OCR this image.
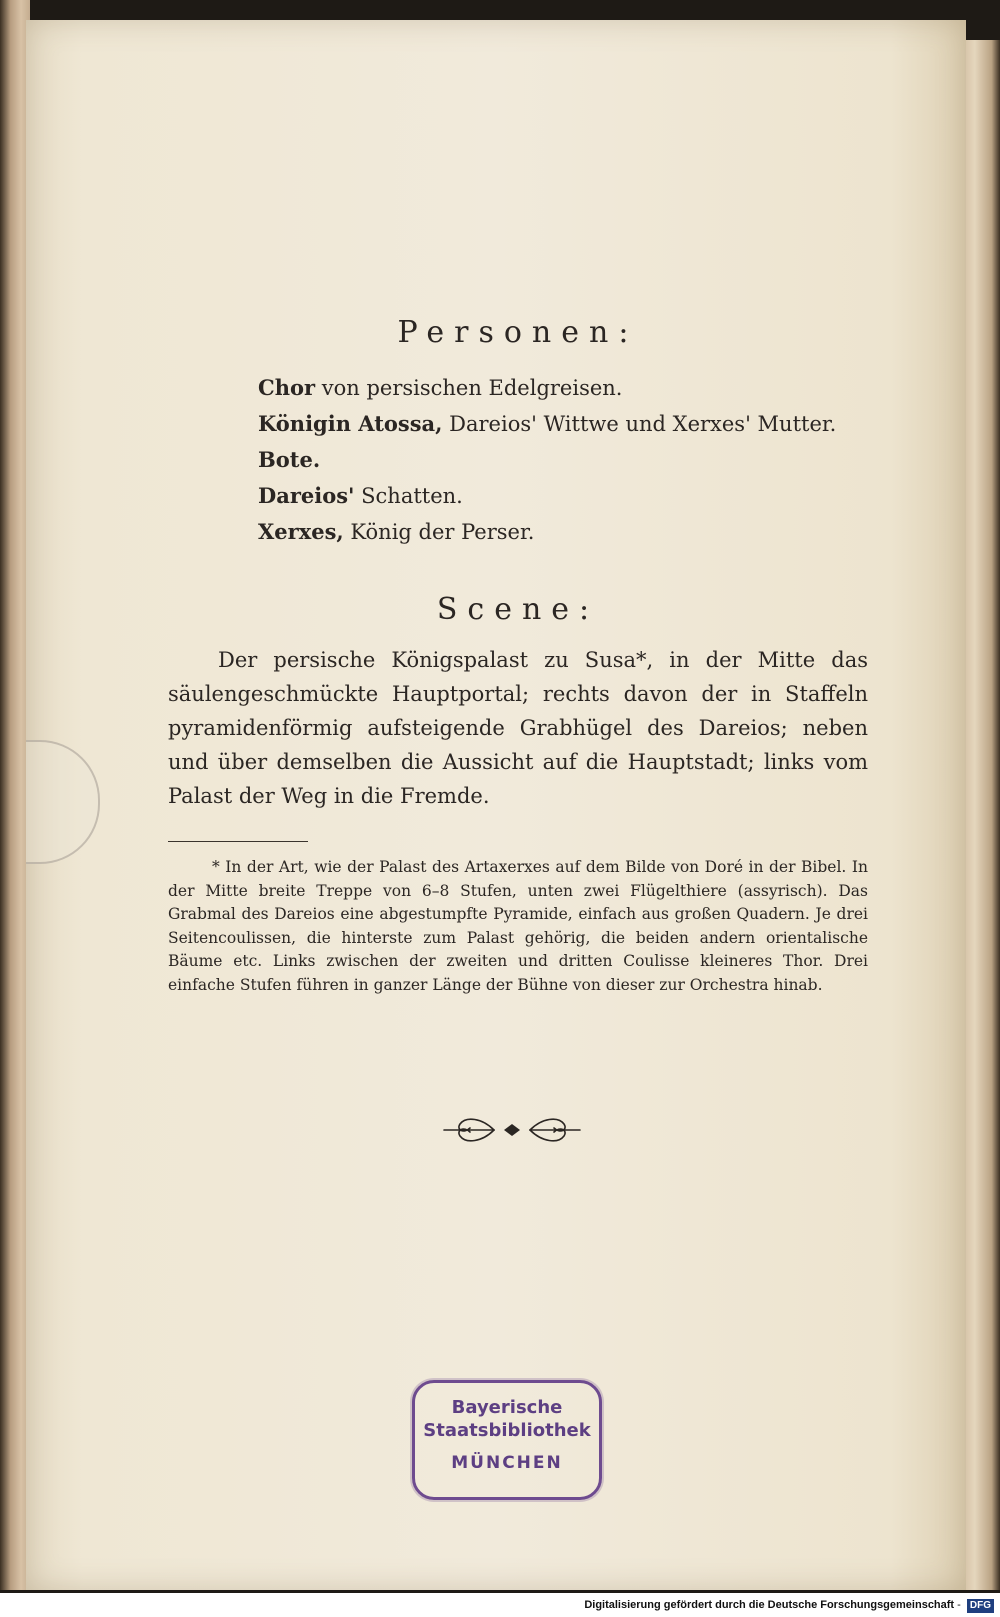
Personen:
Chor von persischen Edelgreisen.
Königin Atossa, Dareios' Wittwe und Xerxes' Mutter.
Bote.
Dareios' Schatten.
Xerxes, König der Perser.
Scene:

Der persische Königspalast zu Susa*, in der Mitte das säulengeschmückte Hauptportal; rechts davon der in Staffeln pyramidenförmig aufsteigende Grabhügel des Dareios; neben und über demselben die Aussicht auf die Hauptstadt; links vom Palast der Weg in die Fremde.

* In der Art, wie der Palast des Artaxerxes auf dem Bilde von Doré in der Bibel. In der Mitte breite Treppe von 6–8 Stufen, unten zwei Flügelthiere (assyrisch). Das Grabmal des Dareios eine abgestumpfte Pyramide, einfach aus großen Quadern. Je drei Seitencoulissen, die hinterste zum Palast gehörig, die beiden andern orientalische Bäume etc. Links zwischen der zweiten und dritten Coulisse kleineres Thor. Drei einfache Stufen führen in ganzer Länge der Bühne von dieser zur Orchestra hinab.

Bayerische
Staatsbibliothek
MÜNCHEN
Digitalisierung gefördert durch die Deutsche Forschungsgemeinschaft - DFG
